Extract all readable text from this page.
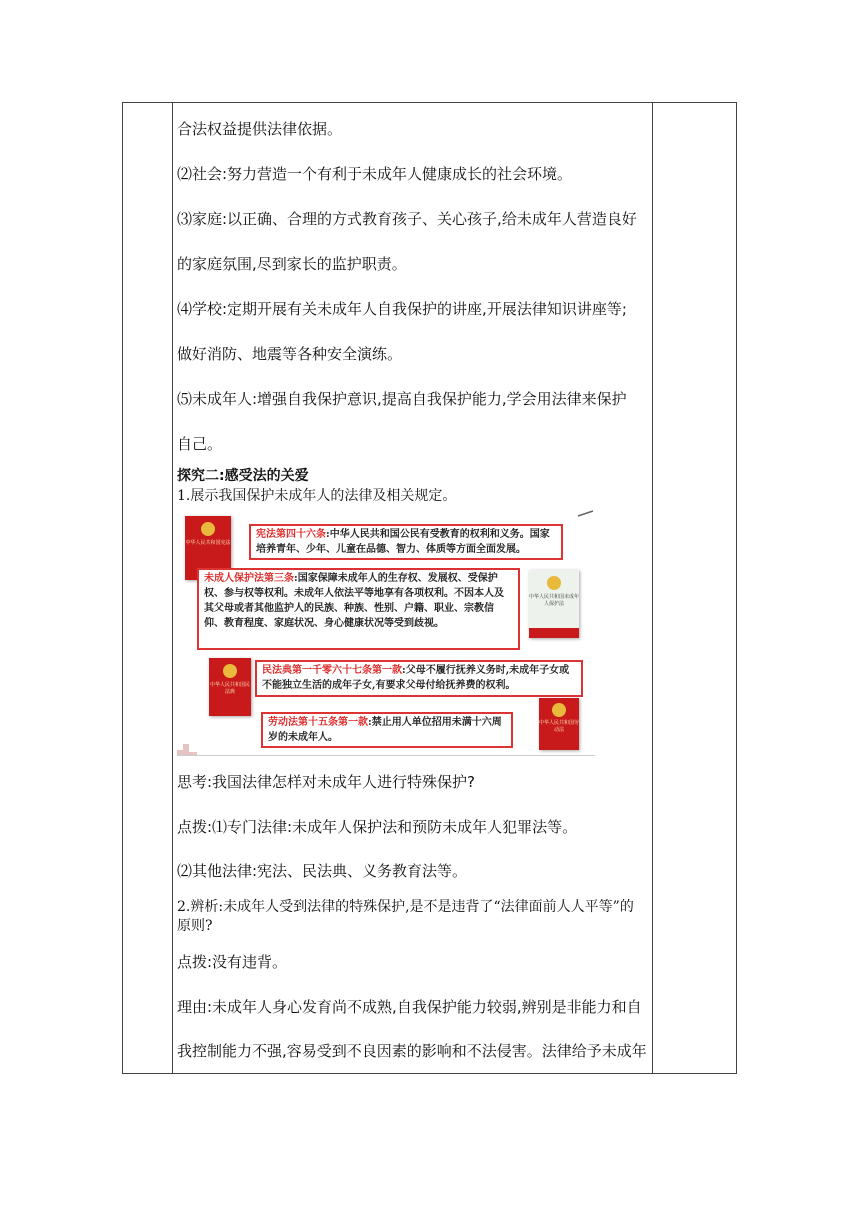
合法权益提供法律依据。
⑵社会:努力营造一个有利于未成年人健康成长的社会环境。
⑶家庭:以正确、合理的方式教育孩子、关心孩子,给未成年人营造良好
的家庭氛围,尽到家长的监护职责。
⑷学校:定期开展有关未成年人自我保护的讲座,开展法律知识讲座等;
做好消防、地震等各种安全演练。
⑸未成年人:增强自我保护意识,提高自我保护能力,学会用法律来保护
自己。
探究二:感受法的关爱
1.展示我国保护未成年人的法律及相关规定。
中华人民共和国宪法
宪法第四十六条:中华人民共和国公民有受教育的权利和义务。国家培养青年、少年、儿童在品德、智力、体质等方面全面发展。
未成人保护法第三条:国家保障未成年人的生存权、发展权、受保护权、参与权等权利。未成年人依法平等地享有各项权利。不因本人及其父母或者其他监护人的民族、种族、性别、户籍、职业、宗教信仰、教育程度、家庭状况、身心健康状况等受到歧视。
中华人民共和国未成年人保护法
中华人民共和国民法典
民法典第一千零六十七条第一款:父母不履行抚养义务时,未成年子女或不能独立生活的成年子女,有要求父母付给抚养费的权利。
劳动法第十五条第一款:禁止用人单位招用未满十六周岁的未成年人。
中华人民共和国劳动法
思考:我国法律怎样对未成年人进行特殊保护?
点拨:⑴专门法律:未成年人保护法和预防未成年人犯罪法等。
⑵其他法律:宪法、民法典、义务教育法等。
2.辨析:未成年人受到法律的特殊保护,是不是违背了“法律面前人人平等”的原则?
点拨:没有违背。
理由:未成年人身心发育尚不成熟,自我保护能力较弱,辨别是非能力和自
我控制能力不强,容易受到不良因素的影响和不法侵害。法律给予未成年
